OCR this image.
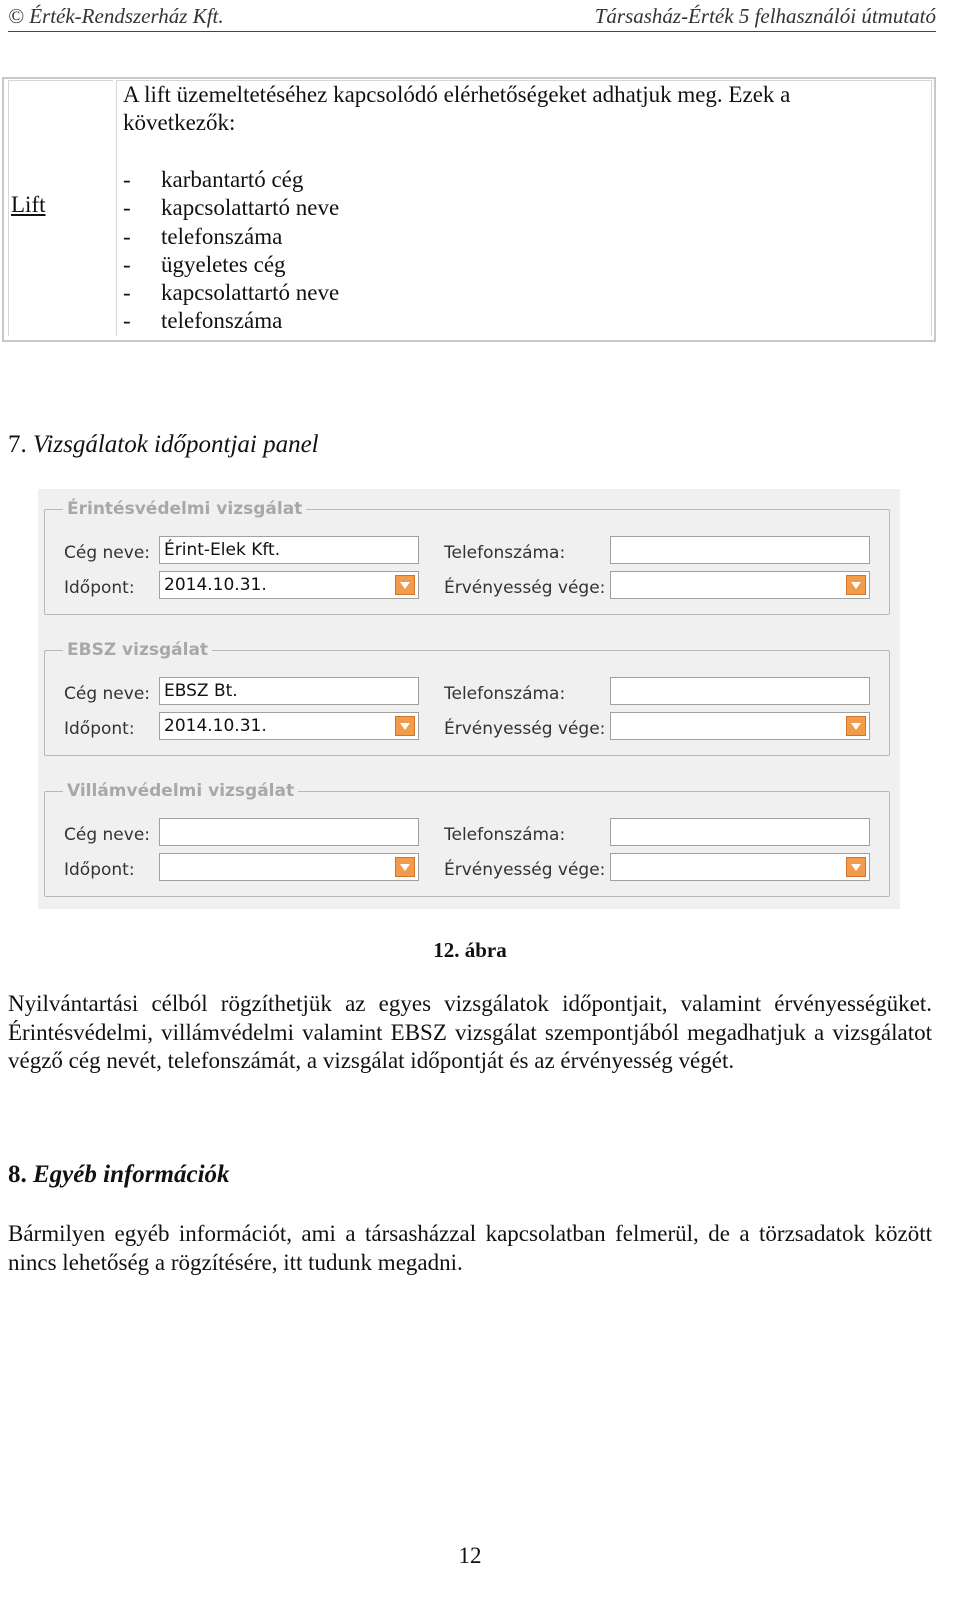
© Érték-Rendszerház Kft.	Társasház-Érték 5 felhasználói útmutató
Lift
A lift üzemeltetéséhez kapcsolódó elérhetőségeket adhatjuk meg. Ezek a következők:
-	karbantartó cég
-	kapcsolattartó neve
-	telefonszáma
-	ügyeletes cég
-	kapcsolattartó neve
-	telefonszáma
7. Vizsgálatok időpontjai panel
Érintésvédelmi vizsgálat
Cég neve: Érint-Elek Kft.
Időpont: 2014.10.31.
Telefonszáma:
Érvényesség vége:
EBSZ vizsgálat
Cég neve: EBSZ Bt.
Időpont: 2014.10.31.
Telefonszáma:
Érvényesség vége:
Villámvédelmi vizsgálat
Cég neve:
Időpont:
Telefonszáma:
Érvényesség vége:
12. ábra
Nyilvántartási célból rögzíthetjük az egyes vizsgálatok időpontjait, valamint érvényességüket. Érintésvédelmi, villámvédelmi valamint EBSZ vizsgálat szempontjából megadhatjuk a vizsgálatot végző cég nevét, telefonszámát, a vizsgálat időpontját és az érvényesség végét.
8. Egyéb információk
Bármilyen egyéb információt, ami a társasházzal kapcsolatban felmerül, de a törzsadatok között nincs lehetőség a rögzítésére, itt tudunk megadni.
12
